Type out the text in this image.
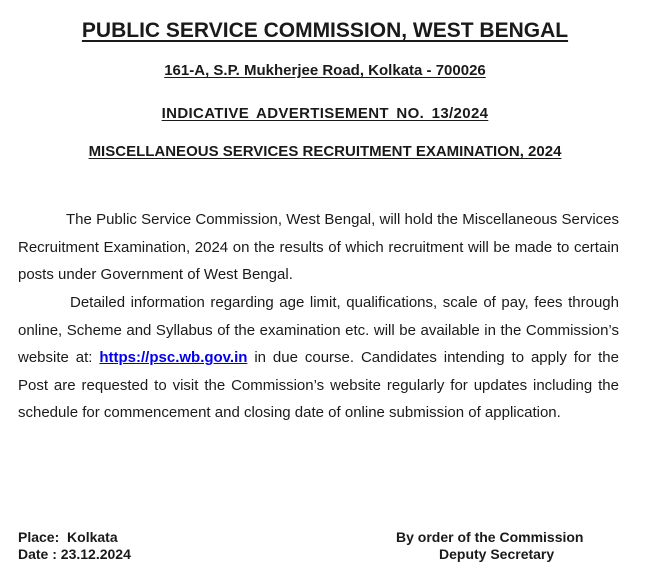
PUBLIC SERVICE COMMISSION, WEST BENGAL
161-A, S.P. Mukherjee Road, Kolkata - 700026
INDICATIVE ADVERTISEMENT NO. 13/2024
MISCELLANEOUS SERVICES RECRUITMENT EXAMINATION, 2024

The Public Service Commission, West Bengal, will hold the Miscellaneous Services Recruitment Examination, 2024 on the results of which recruitment will be made to certain posts under Government of West Bengal.

Detailed information regarding age limit, qualifications, scale of pay, fees through online, Scheme and Syllabus of the examination etc. will be available in the Commission’s website at: https://psc.wb.gov.in in due course. Candidates intending to apply for the Post are requested to visit the Commission’s website regularly for updates including the schedule for commencement and closing date of online submission of application.

Place:  Kolkata
Date : 23.12.2024
By order of the Commission
Deputy Secretary
